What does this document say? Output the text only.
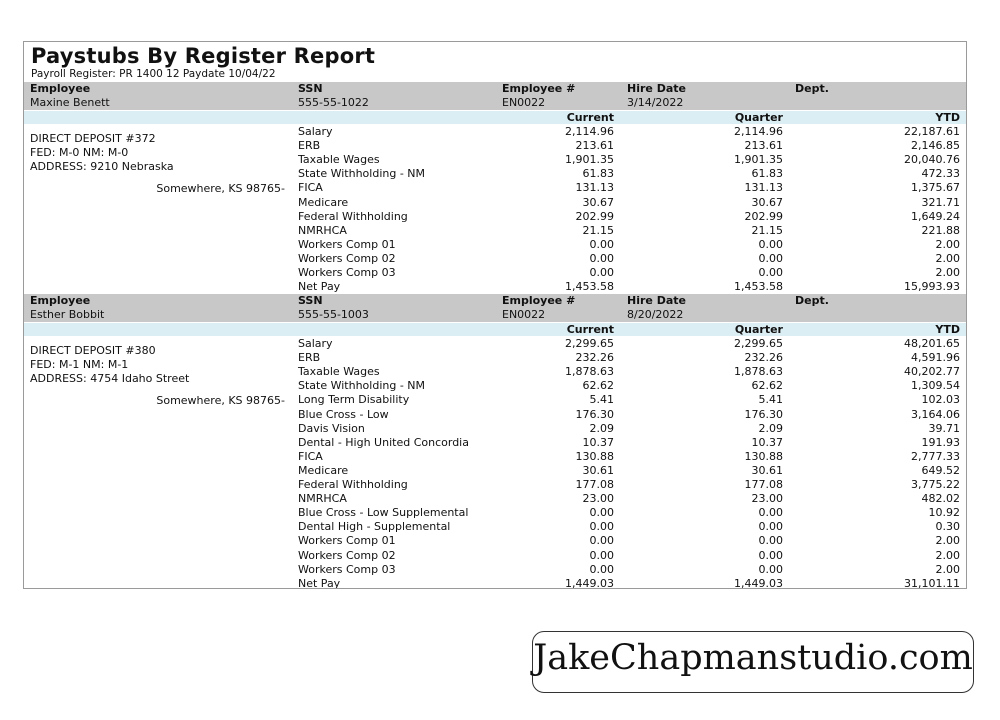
Paystubs By Register Report
Payroll Register: PR 1400 12 Paydate 10/04/22
Employee	SSN	Employee #	Hire Date	Dept.
Maxine Benett	555-55-1022	EN0022	3/14/2022
Current	Quarter	YTD
DIRECT DEPOSIT #372
FED: M-0 NM: M-0
ADDRESS: 9210 Nebraska
Somewhere, KS 98765-
Salary	2,114.96	2,114.96	22,187.61
ERB	213.61	213.61	2,146.85
Taxable Wages	1,901.35	1,901.35	20,040.76
State Withholding - NM	61.83	61.83	472.33
FICA	131.13	131.13	1,375.67
Medicare	30.67	30.67	321.71
Federal Withholding	202.99	202.99	1,649.24
NMRHCA	21.15	21.15	221.88
Workers Comp 01	0.00	0.00	2.00
Workers Comp 02	0.00	0.00	2.00
Workers Comp 03	0.00	0.00	2.00
Net Pay	1,453.58	1,453.58	15,993.93
Employee	SSN	Employee #	Hire Date	Dept.
Esther Bobbit	555-55-1003	EN0022	8/20/2022
Current	Quarter	YTD
DIRECT DEPOSIT #380
FED: M-1 NM: M-1
ADDRESS: 4754 Idaho Street
Somewhere, KS 98765-
Salary	2,299.65	2,299.65	48,201.65
ERB	232.26	232.26	4,591.96
Taxable Wages	1,878.63	1,878.63	40,202.77
State Withholding - NM	62.62	62.62	1,309.54
Long Term Disability	5.41	5.41	102.03
Blue Cross - Low	176.30	176.30	3,164.06
Davis Vision	2.09	2.09	39.71
Dental - High United Concordia	10.37	10.37	191.93
FICA	130.88	130.88	2,777.33
Medicare	30.61	30.61	649.52
Federal Withholding	177.08	177.08	3,775.22
NMRHCA	23.00	23.00	482.02
Blue Cross - Low Supplemental	0.00	0.00	10.92
Dental High - Supplemental	0.00	0.00	0.30
Workers Comp 01	0.00	0.00	2.00
Workers Comp 02	0.00	0.00	2.00
Workers Comp 03	0.00	0.00	2.00
Net Pay	1,449.03	1,449.03	31,101.11
JakeChapmanstudio.com
